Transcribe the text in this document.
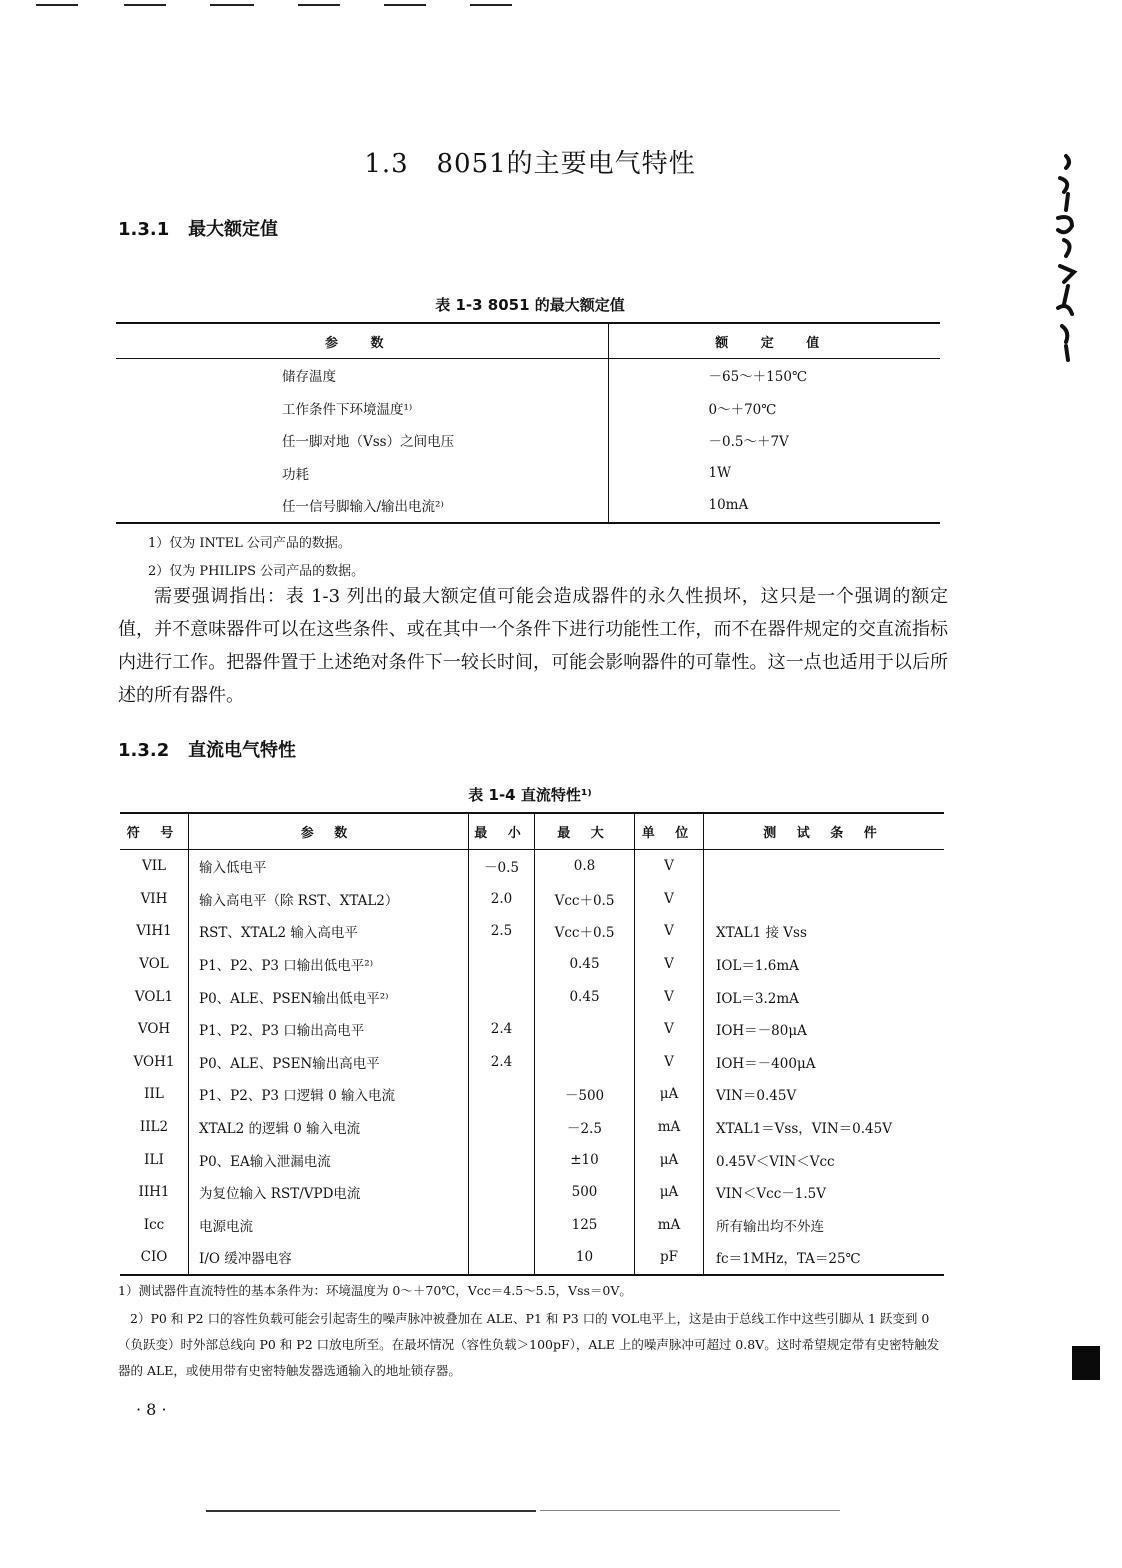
1.3 8051的主要电气特性
1.3.1 最大额定值
表 1-3 8051 的最大额定值
参 数	额 定 值
储存温度	－65～＋150℃
工作条件下环境温度¹⁾	0～＋70℃
任一脚对地（Vss）之间电压	－0.5～＋7V
功耗	1W
任一信号脚输入/输出电流²⁾	10mA
1）仅为 INTEL 公司产品的数据。
2）仅为 PHILIPS 公司产品的数据。
需要强调指出：表 1-3 列出的最大额定值可能会造成器件的永久性损坏，这只是一个强调的额定值，并不意味器件可以在这些条件、或在其中一个条件下进行功能性工作，而不在器件规定的交直流指标内进行工作。把器件置于上述绝对条件下一较长时间，可能会影响器件的可靠性。这一点也适用于以后所述的所有器件。
1.3.2 直流电气特性
表 1-4 直流特性¹⁾
符 号	参 数	最 小	最 大	单 位	测 试 条 件
VIL	输入低电平	－0.5	0.8	V	
VIH	输入高电平（除 RST、XTAL2）	2.0	Vcc＋0.5	V	
VIH1	RST、XTAL2 输入高电平	2.5	Vcc＋0.5	V	XTAL1 接 Vss
VOL	P1、P2、P3 口输出低电平²⁾		0.45	V	IOL＝1.6mA
VOL1	P0、ALE、PSEN输出低电平²⁾		0.45	V	IOL＝3.2mA
VOH	P1、P2、P3 口输出高电平	2.4		V	IOH＝－80μA
VOH1	P0、ALE、PSEN输出高电平	2.4		V	IOH＝－400μA
IIL	P1、P2、P3 口逻辑 0 输入电流		－500	μA	VIN＝0.45V
IIL2	XTAL2 的逻辑 0 输入电流		－2.5	mA	XTAL1＝Vss，VIN＝0.45V
ILI	P0、EA输入泄漏电流		±10	μA	0.45V＜VIN＜Vcc
IIH1	为复位输入 RST/VPD电流		500	μA	VIN＜Vcc－1.5V
Icc	电源电流		125	mA	所有输出均不外连
CIO	I/O 缓冲器电容		10	pF	fc＝1MHz，TA＝25℃
1）测试器件直流特性的基本条件为：环境温度为 0～＋70℃，Vcc＝4.5～5.5，Vss＝0V。
2）P0 和 P2 口的容性负载可能会引起寄生的噪声脉冲被叠加在 ALE、P1 和 P3 口的 VOL电平上，这是由于总线工作中这些引脚从 1 跃变到 0（负跃变）时外部总线向 P0 和 P2 口放电所至。在最坏情况（容性负载＞100pF），ALE 上的噪声脉冲可超过 0.8V。这时希望规定带有史密特触发器的 ALE，或使用带有史密特触发器选通输入的地址锁存器。
· 8 ·
